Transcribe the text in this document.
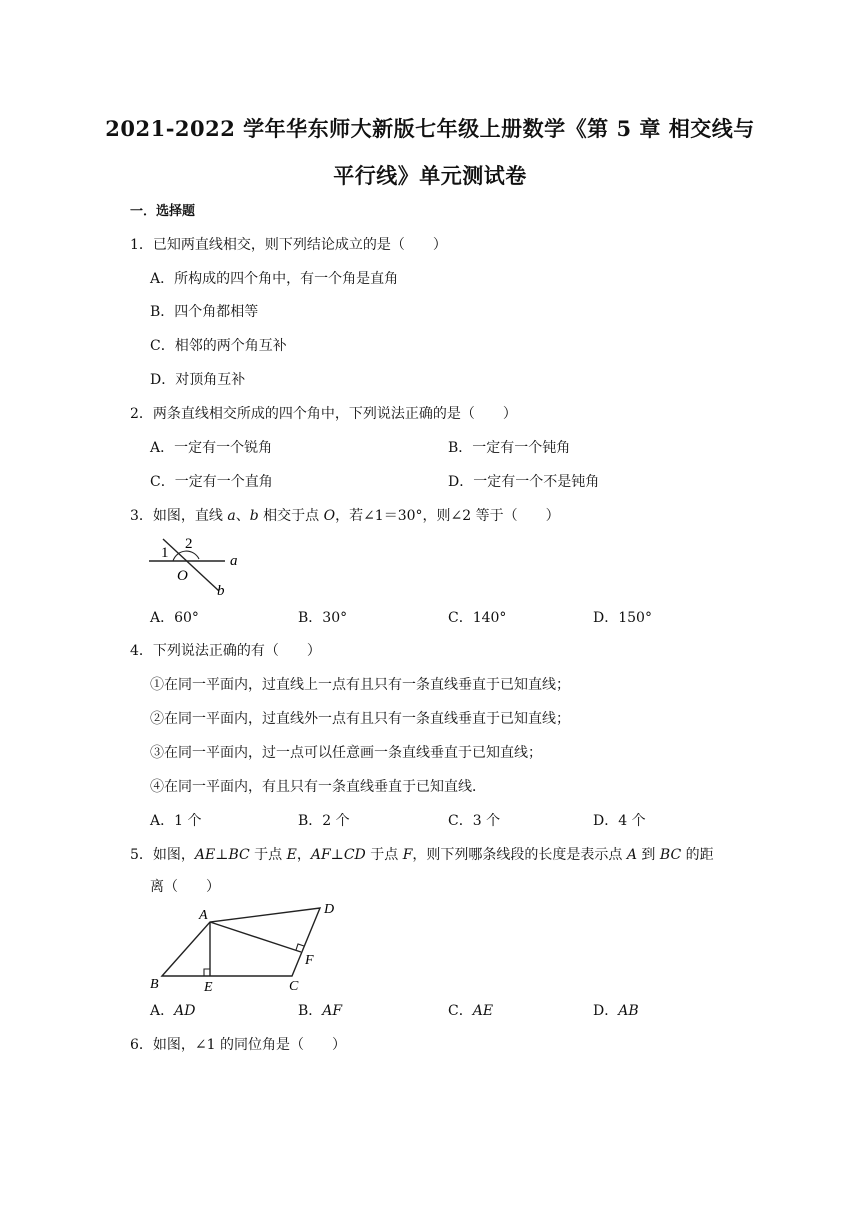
2021-2022 学年华东师大新版七年级上册数学《第 5 章 相交线与
平行线》单元测试卷
一．选择题
1．已知两直线相交，则下列结论成立的是（　　）
A．所构成的四个角中，有一个角是直角
B．四个角都相等
C．相邻的两个角互补
D．对顶角互补
2．两条直线相交所成的四个角中，下列说法正确的是（　　）
A．一定有一个锐角	B．一定有一个钝角
C．一定有一个直角	D．一定有一个不是钝角
3．如图，直线 a、b 相交于点 O，若∠1＝30°，则∠2 等于（　　）
1
2
O
a
b
A．60°	B．30°	C．140°	D．150°
4．下列说法正确的有（　　）
①在同一平面内，过直线上一点有且只有一条直线垂直于已知直线；
②在同一平面内，过直线外一点有且只有一条直线垂直于已知直线；
③在同一平面内，过一点可以任意画一条直线垂直于已知直线；
④在同一平面内，有且只有一条直线垂直于已知直线．
A．1 个	B．2 个	C．3 个	D．4 个
5．如图，AE⊥BC 于点 E，AF⊥CD 于点 F，则下列哪条线段的长度是表示点 A 到 BC 的距
离（　　）
A
B	C
D
E
F
A．AD	B．AF	C．AE	D．AB
6．如图，∠1 的同位角是（　　）
